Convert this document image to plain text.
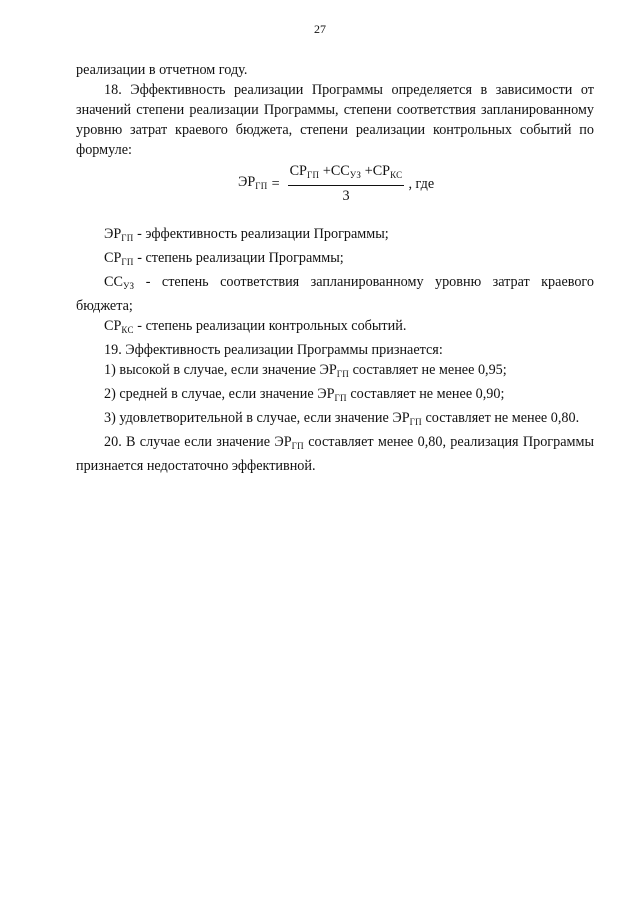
27

реализации в отчетном году.

18. Эффективность реализации Программы определяется в зависимости от значений степени реализации Программы, степени соответствия запланированному уровню затрат краевого бюджета, степени реализации контрольных событий по формуле:

$ЭР_{ГП} = \frac{СР_{ГП} +СС_{УЗ} +СР_{КС}}{3}$ , где

$ЭР_{ГП}$ - эффективность реализации Программы;

$СР_{ГП}$ - степень реализации Программы;

$СС_{УЗ}$ - степень соответствия запланированному уровню затрат краевого бюджета;

$СР_{КС}$ - степень реализации контрольных событий.

19. Эффективность реализации Программы признается:

1) высокой в случае, если значение $ЭР_{ГП}$ составляет не менее 0,95;

2) средней в случае, если значение $ЭР_{ГП}$ составляет не менее 0,90;

3) удовлетворительной в случае, если значение $ЭР_{ГП}$ составляет не менее 0,80.

20. В случае если значение $ЭР_{ГП}$ составляет менее 0,80, реализация Программы признается недостаточно эффективной.
